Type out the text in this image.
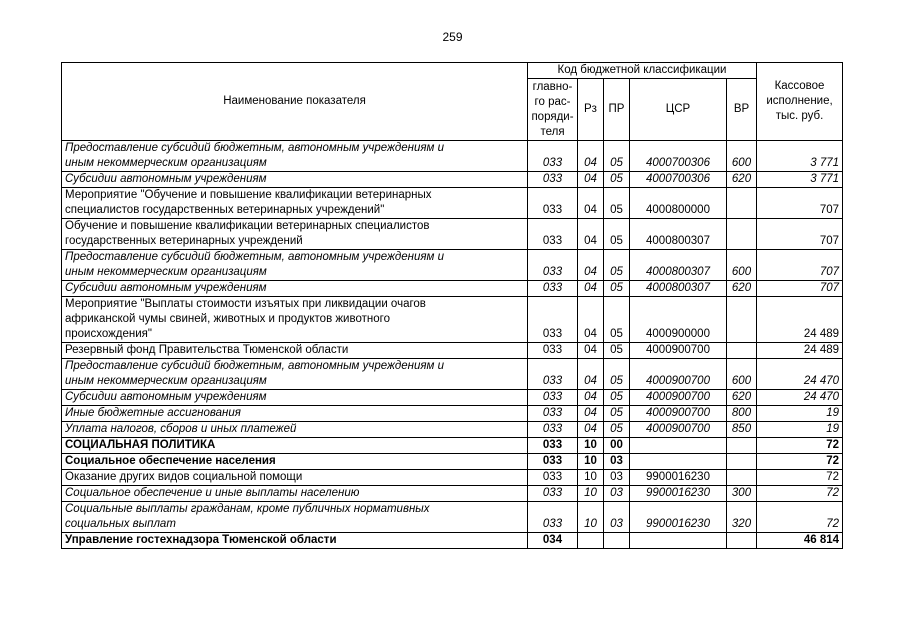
259
Наименование показателя	Код бюджетной классификации					Кассовое
исполнение,
тыс. руб.

	главно-
го рас-
поряди-
теля	Рз	ПР	ЦСР	ВР	

Предоставление субсидий бюджетным, автономным учреждениям и
иным некоммерческим организациям	033	04	05	4000700306	600	3 771

Субсидии автономным учреждениям	033	04	05	4000700306	620	3 771

Мероприятие "Обучение и повышение квалификации ветеринарных
специалистов государственных ветеринарных учреждений"	033	04	05	4000800000		707

Обучение и повышение квалификации ветеринарных специалистов
государственных ветеринарных учреждений	033	04	05	4000800307		707

Предоставление субсидий бюджетным, автономным учреждениям и
иным некоммерческим организациям	033	04	05	4000800307	600	707

Субсидии автономным учреждениям	033	04	05	4000800307	620	707

Мероприятие "Выплаты стоимости изъятых при ликвидации очагов
африканской чумы свиней, животных и продуктов животного
происхождения"	033	04	05	4000900000		24 489

Резервный фонд Правительства Тюменской области	033	04	05	4000900700		24 489

Предоставление субсидий бюджетным, автономным учреждениям и
иным некоммерческим организациям	033	04	05	4000900700	600	24 470

Субсидии автономным учреждениям	033	04	05	4000900700	620	24 470

Иные бюджетные ассигнования	033	04	05	4000900700	800	19

Уплата налогов, сборов и иных платежей	033	04	05	4000900700	850	19

СОЦИАЛЬНАЯ ПОЛИТИКА	033	10	00			72

Социальное обеспечение населения	033	10	03			72

Оказание других видов социальной помощи	033	10	03	9900016230		72

Социальное обеспечение и иные выплаты населению	033	10	03	9900016230	300	72

Социальные выплаты гражданам, кроме публичных нормативных
социальных выплат	033	10	03	9900016230	320	72

Управление гостехнадзора Тюменской области	034					46 814
